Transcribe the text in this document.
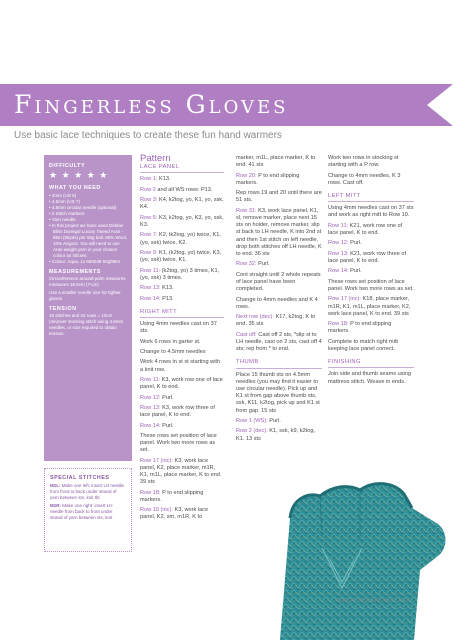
Fingerless Gloves
Use basic lace techniques to create these fun hand warmers
DIFFICULTY
★ ★ ★ ★ ★
WHAT YOU NEED
• 4mm (US 6)
• 4.5mm (US 7)
• 4.5mm circular needle (optional)
• 2 Stitch markers
• Yarn needle
• In this project we have used Debbie Bliss Donegal Luxury Tweed Aran - 88m (96yds) per 50g ball. 90% Wool, 10% Angora. You will need to use Aran weight yarn in your chosen colour as follows:
• Colour: Aqua, 1x 660048 50g/88m
MEASUREMENTS
Circumference around palm measures measures 18.5cm (7¼in)
Use a smaller needle size for tighter gloves
TENSION
19 stitches and 24 rows = 10cm (4in)over stocking stitch using 4.5mm needles, or size required to obtain tension.
SPECIAL STITCHES

M1L: Make one left: insert LH needle from front to back under strand of yarn between sts, knit tbl

M1R: Make one right: insert LH needle from back to front under strand of yarn between sts, knit

Pattern
LACE PANEL

Row 1: K13.

Row 2 and all WS rows: P13.

Row 3: K4, k2tog, yo, K1, yo, ssk, K4.

Row 5: K3, k2tog, yo, K3, yo, ssk, K3.

Row 7: K2, tk2tog, yo) twice, K1, (yo, ssk) twice, K2.

Row 9: K1, (k2tog, yo) twice, K3, (yo, ssk) twice, K1.

Row 11: (k2tog, yo) 3 times, K1, (yo, ssk) 3 times.

Row 13: K13.

Row 14: P13.

RIGHT MITT

Using 4mm needles cast on 37 sts.

Work 6 rows in garter st.

Change to 4.5mm needles

Work 4 rows in st st starting with a knit row.

Row 11: K3, work row one of lace panel, K to end.

Row 12: Purl.

Row 13: K3, work row three of lace panel, K to end.

Row 14: Purl.

These rows set position of lace panel. Work two more rows as set.

Row 17 (inc): K3, work lace panel, K2, place marker, m1R, K1, m1L, place marker, K to end. 39 sts

Row 18: P to end slipping markers.

Row 19 (inc): K3, work lace panel, K2, sm, m1R, K to

marker, m1L, place marker, K to end. 41 sts

Row 20: P to end slipping markers.

Rep rows 19 and 20 until there are 51 sts.

Row 31: K3, work lace panel, K1, sl, remove marker, place next 15 sts on holder, remove marker, slip st back to LH needle, K into 2nd st and then 1st stitch on left needle, drop both stitches off LH needle, K to end. 36 sts

Row 32: Purl.

Cont straight until 2 whole repeats of lace panel have been completed.

Change to 4mm needles and K 4 rows.

Next row (dec): K17, k2tog, K to end. 35 sts

Cast off: Cast off 2 sts, *slip st to LH needle, cast on 2 sts, cast off 4 sts; rep from * to end.

THUMB

Place 15 thumb sts on 4.5mm needles (you may find it easier to use circular needle). Pick up and K1 st from gap above thumb sts, ssk, K11, k2tog, pick up and K1 st from gap. 15 sts

Row 1 (WS): Purl.

Row 2 (dec): K1, ssk, k9, k2tog, K1. 13 sts

Work two rows in stocking st starting with a P row.

Change to 4mm needles, K 3 rows. Cast off.

LEFT MITT

Using 4mm needles cast on 37 sts and work as right mitt to Row 10.

Row 11: K21, work row one of lace panel, K to end.

Row 12: Purl.

Row 13: K21, work row three of lace panel, K to end.

Row 14: Purl.

These rows set position of lace panel. Work two more rows as set.

Row 17 (inc): K18, place marker, m1R, K1, m1L, place marker, K2, work lace panel, K to end. 39 sts

Row 18: P to end slipping markers.

Complete to match right mitt keeping lace panel correct.

FINISHING

Join side and thumb seams using mattress stitch. Weave in ends.

SIMPLY SEW AND KNIT LIVE
